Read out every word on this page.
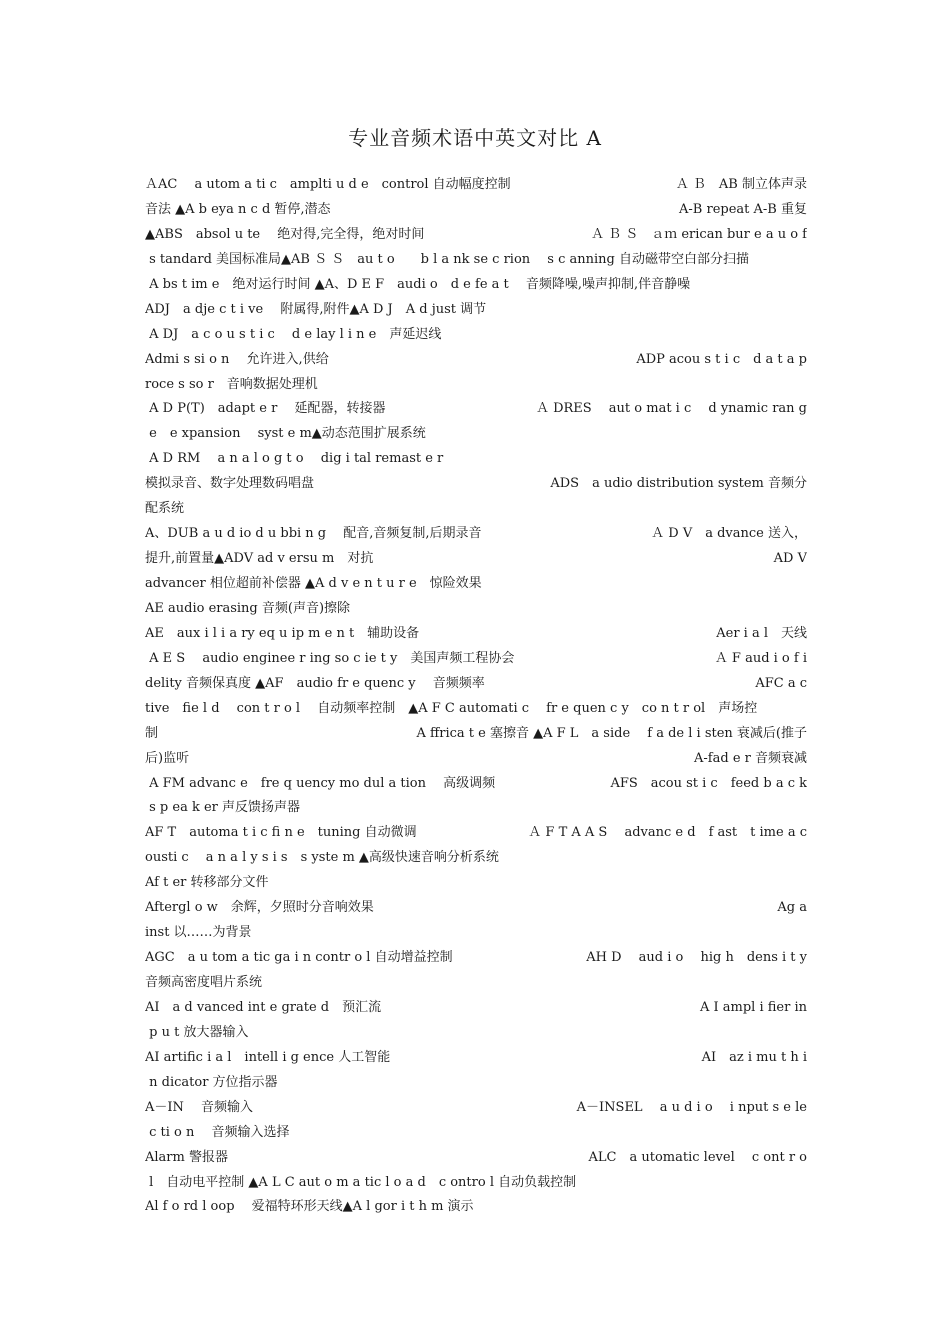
专业音频术语中英文对比 A
ＡAC　 a utom a ti c　amplti u d e　control 自动幅度控制	Ａ Ｂ　AB 制立体声录
音法 ▲A b eya n c d 暂停,潜态	A-B repeat A-B 重复
▲ABS　absol u te　 绝对得,完全得，绝对时间	Ａ Ｂ Ｓ　ａｍ erican bur e a u o f
s tandard 美国标准局▲AB Ｓ Ｓ　au t o　　b l a nk se c rion　 s c anning 自动磁带空白部分扫描
A bs t im e　绝对运行时间 ▲A、D E F　audi o　d e fe a t　 音频降噪,噪声抑制,伴音静噪
ADJ　a dje c t i ve　 附属得,附件▲A D J　A d just 调节
A DJ　a c o u s t i c　 d e lay l i n e　声延迟线
Admi s si o n　 允许进入,供给	ADP acou s t i c　d a t a p
roce s so r　音响数据处理机
A D P(T)　adapt e r　 延配器，转接器	Ａ DRES　 aut o mat i c　 d ynamic ran g
e　e xpansion　 syst e m▲动态范围扩展系统
A D RM　 a n a l o g t o　 dig i tal remast e r
模拟录音、数字处理数码唱盘	ADS　a udio distribution system 音频分
配系统
A、DUB a u d io d u bbi n g　 配音,音频复制,后期录音	Ａ D V　a dvance 送入，
提升,前置量▲ADV ad v ersu m　对抗	AD V
advancer 相位超前补偿器 ▲A d v e n t u r e　惊险效果
AE audio erasing 音频(声音)擦除
AE　aux i l i a ry eq u ip m e n t　辅助设备	Aer i a l　天线
A E S　 audio enginee r ing so c ie t y　美国声频工程协会	Ａ F aud i o f i
delity 音频保真度 ▲AF　audio fr e quenc y　 音频频率	AFC a c
tive　fie l d　 con t r o l　 自动频率控制　▲A F C automati c　 fr e quen c y　co n t r ol　声场控
制	A ffrica t e 塞擦音 ▲A F L　a side　 f a de l i sten 衰减后(推子
后)监听	A-fad e r 音频衰减
A FM advanc e　fre q uency mo dul a tion　 高级调频	AFS　acou st i c　feed b a c k
s p ea k er 声反馈扬声器
AF T　automa t i c fi n e　tuning 自动微调	Ａ F T A A S　 advanc e d　f ast　t ime a c
ousti c　 a n a l y s i s　s yste m ▲高级快速音响分析系统
Af t er 转移部分文件
Aftergl o w　余辉，夕照时分音响效果	Ag a
inst 以……为背景
AGC　a u tom a tic ga i n contr o l 自动增益控制	AH D　 aud i o　 hig h　dens i t y
音频高密度唱片系统
AI　a d vanced int e grate d　预汇流	A I ampl i fier in
p u t 放大器输入
AI artific i a l　intell i g ence 人工智能	AI　az i mu t h i
n dicator 方位指示器
A－IN　 音频输入	A－INSEL　 a u d i o　 i nput s e le
c ti o n　 音频输入选择
Alarm 警报器	ALC　a utomatic level　 c ont r o
l　自动电平控制 ▲A L C aut o m a tic l o a d　c ontro l 自动负载控制
Al f o rd l oop　 爱福特环形天线▲A l gor i t h m 演示
